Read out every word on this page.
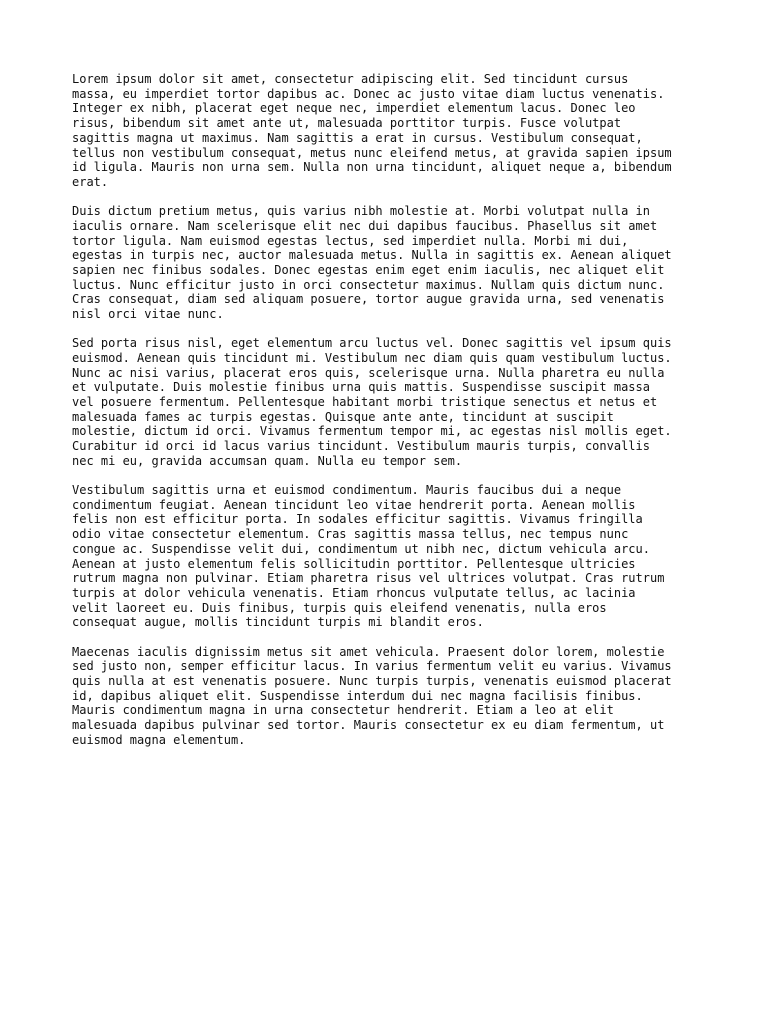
Lorem ipsum dolor sit amet, consectetur adipiscing elit. Sed tincidunt cursus
massa, eu imperdiet tortor dapibus ac. Donec ac justo vitae diam luctus venenatis.
Integer ex nibh, placerat eget neque nec, imperdiet elementum lacus. Donec leo
risus, bibendum sit amet ante ut, malesuada porttitor turpis. Fusce volutpat
sagittis magna ut maximus. Nam sagittis a erat in cursus. Vestibulum consequat,
tellus non vestibulum consequat, metus nunc eleifend metus, at gravida sapien ipsum
id ligula. Mauris non urna sem. Nulla non urna tincidunt, aliquet neque a, bibendum
erat.

Duis dictum pretium metus, quis varius nibh molestie at. Morbi volutpat nulla in
iaculis ornare. Nam scelerisque elit nec dui dapibus faucibus. Phasellus sit amet
tortor ligula. Nam euismod egestas lectus, sed imperdiet nulla. Morbi mi dui,
egestas in turpis nec, auctor malesuada metus. Nulla in sagittis ex. Aenean aliquet
sapien nec finibus sodales. Donec egestas enim eget enim iaculis, nec aliquet elit
luctus. Nunc efficitur justo in orci consectetur maximus. Nullam quis dictum nunc.
Cras consequat, diam sed aliquam posuere, tortor augue gravida urna, sed venenatis
nisl orci vitae nunc.

Sed porta risus nisl, eget elementum arcu luctus vel. Donec sagittis vel ipsum quis
euismod. Aenean quis tincidunt mi. Vestibulum nec diam quis quam vestibulum luctus.
Nunc ac nisi varius, placerat eros quis, scelerisque urna. Nulla pharetra eu nulla
et vulputate. Duis molestie finibus urna quis mattis. Suspendisse suscipit massa
vel posuere fermentum. Pellentesque habitant morbi tristique senectus et netus et
malesuada fames ac turpis egestas. Quisque ante ante, tincidunt at suscipit
molestie, dictum id orci. Vivamus fermentum tempor mi, ac egestas nisl mollis eget.
Curabitur id orci id lacus varius tincidunt. Vestibulum mauris turpis, convallis
nec mi eu, gravida accumsan quam. Nulla eu tempor sem.

Vestibulum sagittis urna et euismod condimentum. Mauris faucibus dui a neque
condimentum feugiat. Aenean tincidunt leo vitae hendrerit porta. Aenean mollis
felis non est efficitur porta. In sodales efficitur sagittis. Vivamus fringilla
odio vitae consectetur elementum. Cras sagittis massa tellus, nec tempus nunc
congue ac. Suspendisse velit dui, condimentum ut nibh nec, dictum vehicula arcu.
Aenean at justo elementum felis sollicitudin porttitor. Pellentesque ultricies
rutrum magna non pulvinar. Etiam pharetra risus vel ultrices volutpat. Cras rutrum
turpis at dolor vehicula venenatis. Etiam rhoncus vulputate tellus, ac lacinia
velit laoreet eu. Duis finibus, turpis quis eleifend venenatis, nulla eros
consequat augue, mollis tincidunt turpis mi blandit eros.

Maecenas iaculis dignissim metus sit amet vehicula. Praesent dolor lorem, molestie
sed justo non, semper efficitur lacus. In varius fermentum velit eu varius. Vivamus
quis nulla at est venenatis posuere. Nunc turpis turpis, venenatis euismod placerat
id, dapibus aliquet elit. Suspendisse interdum dui nec magna facilisis finibus.
Mauris condimentum magna in urna consectetur hendrerit. Etiam a leo at elit
malesuada dapibus pulvinar sed tortor. Mauris consectetur ex eu diam fermentum, ut
euismod magna elementum.
